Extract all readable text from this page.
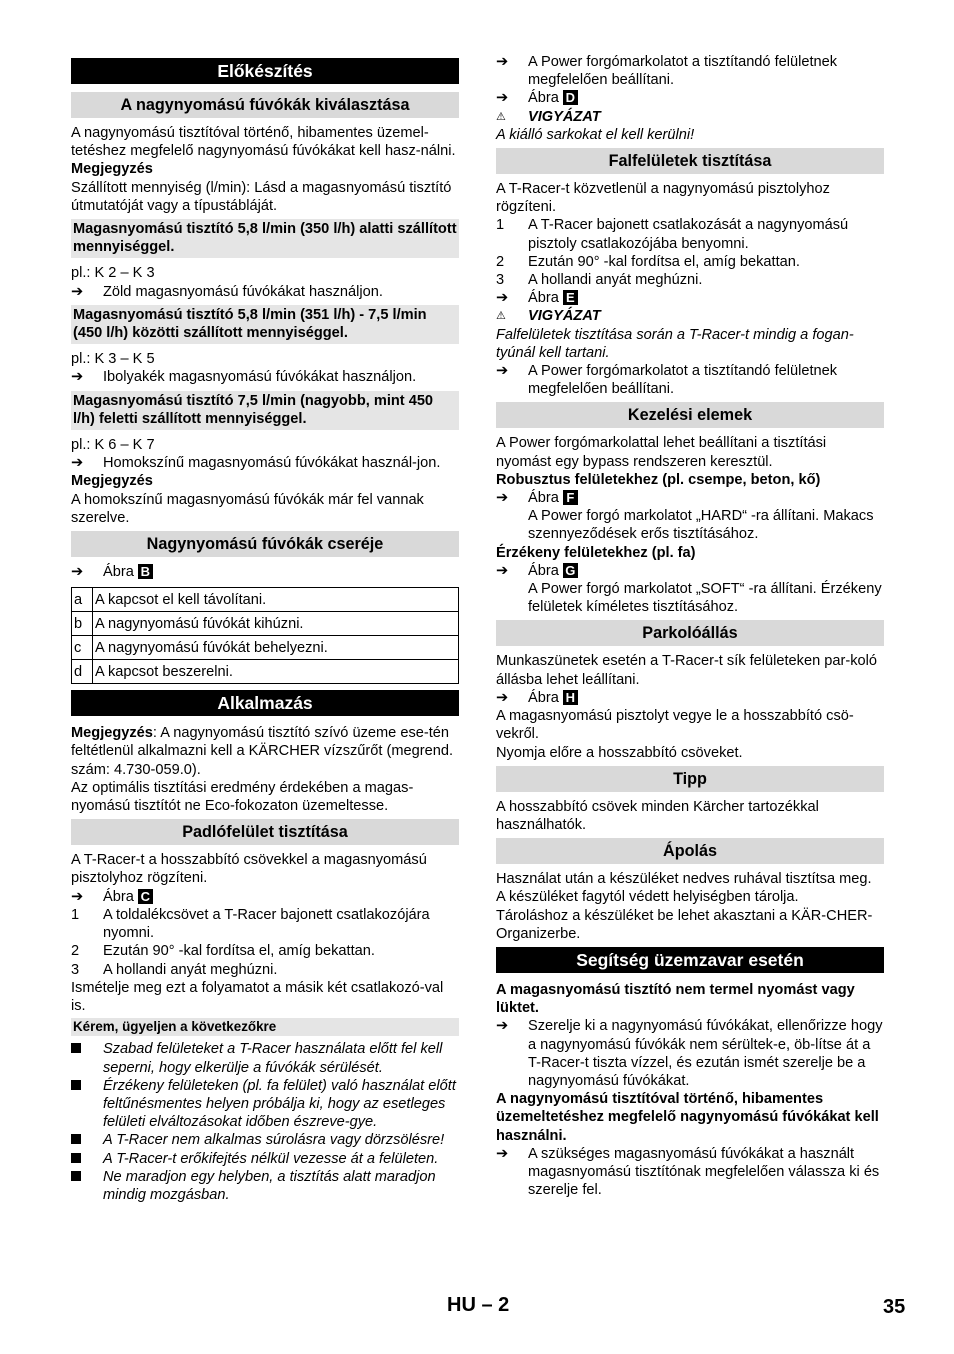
Előkészítés
A nagynyomású fúvókák kiválasztása

A nagynyomású tisztítóval történő, hibamentes üzemel-tetéshez megfelelő nagynyomású fúvókákat kell hasz-nálni.

Megjegyzés

Szállított mennyiség (l/min): Lásd a magasnyomású tisztító útmutatóját vagy a típustábláját.

Magasnyomású tisztító 5,8 l/min (350 l/h) alatti szállított mennyiséggel.

pl.: K 2 – K 3

➔	Zöld magasnyomású fúvókákat használjon.
Magasnyomású tisztító 5,8 l/min (351 l/h) - 7,5 l/min (450 l/h) közötti szállított mennyiséggel.

pl.: K 3 – K 5

➔	Ibolyakék magasnyomású fúvókákat használjon.
Magasnyomású tisztító 7,5 l/min (nagyobb, mint 450 l/h) feletti szállított mennyiséggel.

pl.: K 6 – K 7

➔	Homokszínű magasnyomású fúvókákat használ-jon.

Megjegyzés

A homokszínű magasnyomású fúvókák már fel vannak szerelve.

Nagynyomású fúvókák cseréje
➔	Ábra B
a	A kapcsot el kell távolítani.
b	A nagynyomású fúvókát kihúzni.
c	A nagynyomású fúvókát behelyezni.
d	A kapcsot beszerelni.
Alkalmazás

Megjegyzés: A nagynyomású tisztító szívó üzeme ese-tén feltétlenül alkalmazni kell a KÄRCHER vízszűrőt (megrend. szám: 4.730-059.0).

Az optimális tisztítási eredmény érdekében a magas-nyomású tisztítót ne Eco-fokozaton üzemeltesse.

Padlófelület tisztítása

A T-Racer-t a hosszabbító csövekkel a magasnyomású pisztolyhoz rögzíteni.

➔	Ábra C
1	A toldalékcsövet a T-Racer bajonett csatlakozójára nyomni.
2	Ezután 90° -kal fordítsa el, amíg bekattan.
3	A hollandi anyát meghúzni.

Ismételje meg ezt a folyamatot a másik két csatlakozó-val is.

Kérem, ügyeljen a következőkre
Szabad felületeket a T-Racer használata előtt fel kell seperni, hogy elkerülje a fúvókák sérülését.
Érzékeny felületeken (pl. fa felület) való használat előtt feltűnésmentes helyen próbálja ki, hogy az esetleges felületi elváltozásokat időben észreve-gye.
A T-Racer nem alkalmas súrolásra vagy dörzsölésre!
A T-Racer-t erőkifejtés nélkül vezesse át a felületen.
Ne maradjon egy helyben, a tisztítás alatt maradjon mindig mozgásban.
➔	A Power forgómarkolatot a tisztítandó felületnek megfelelően beállítani.
➔	Ábra D
⚠	VIGYÁZAT

A kiálló sarkokat el kell kerülni!

Falfelületek tisztítása

A T-Racer-t közvetlenül a nagynyomású pisztolyhoz rögzíteni.

1	A T-Racer bajonett csatlakozását a nagynyomású pisztoly csatlakozójába benyomni.
2	Ezután 90° -kal fordítsa el, amíg bekattan.
3	A hollandi anyát meghúzni.
➔	Ábra E
⚠	VIGYÁZAT

Falfelületek tisztítása során a T-Racer-t mindig a fogan-tyúnál kell tartani.

➔	A Power forgómarkolatot a tisztítandó felületnek megfelelően beállítani.
Kezelési elemek

A Power forgómarkolattal lehet beállítani a tisztítási nyomást egy bypass rendszeren keresztül.

Robusztus felületekhez (pl. csempe, beton, kő)

➔	Ábra F
A Power forgó markolatot „HARD“ -ra állítani. Makacs szennyeződések erős tisztításához.

Érzékeny felületekhez (pl. fa)

➔	Ábra G
A Power forgó markolatot „SOFT“ -ra állítani. Érzékeny felületek kíméletes tisztításához.
Parkolóállás

Munkaszünetek esetén a T-Racer-t sík felületeken par-koló állásba lehet leállítani.

➔	Ábra H

A magasnyomású pisztolyt vegye le a hosszabbító csö-vekről.

Nyomja előre a hosszabbító csöveket.

Tipp

A hosszabbító csövek minden Kärcher tartozékkal használhatók.

Ápolás

Használat után a készüléket nedves ruhával tisztítsa meg.

A készüléket fagytól védett helyiségben tárolja.

Tároláshoz a készüléket be lehet akasztani a KÄR-CHER-Organizerbe.

Segítség üzemzavar esetén

A magasnyomású tisztító nem termel nyomást vagy lüktet.

➔	Szerelje ki a nagynyomású fúvókákat, ellenőrizze hogy a nagynyomású fúvókák nem sérültek-e, öb-lítse át a T-Racer-t tiszta vízzel, és ezután ismét szerelje be a nagynyomású fúvókákat.

A nagynyomású tisztítóval történő, hibamentes üzemeltetéshez megfelelő nagynyomású fúvókákat kell használni.

➔	A szükséges magasnyomású fúvókákat a használt magasnyomású tisztítónak megfelelően válassza ki és szerelje fel.
HU – 2	35
